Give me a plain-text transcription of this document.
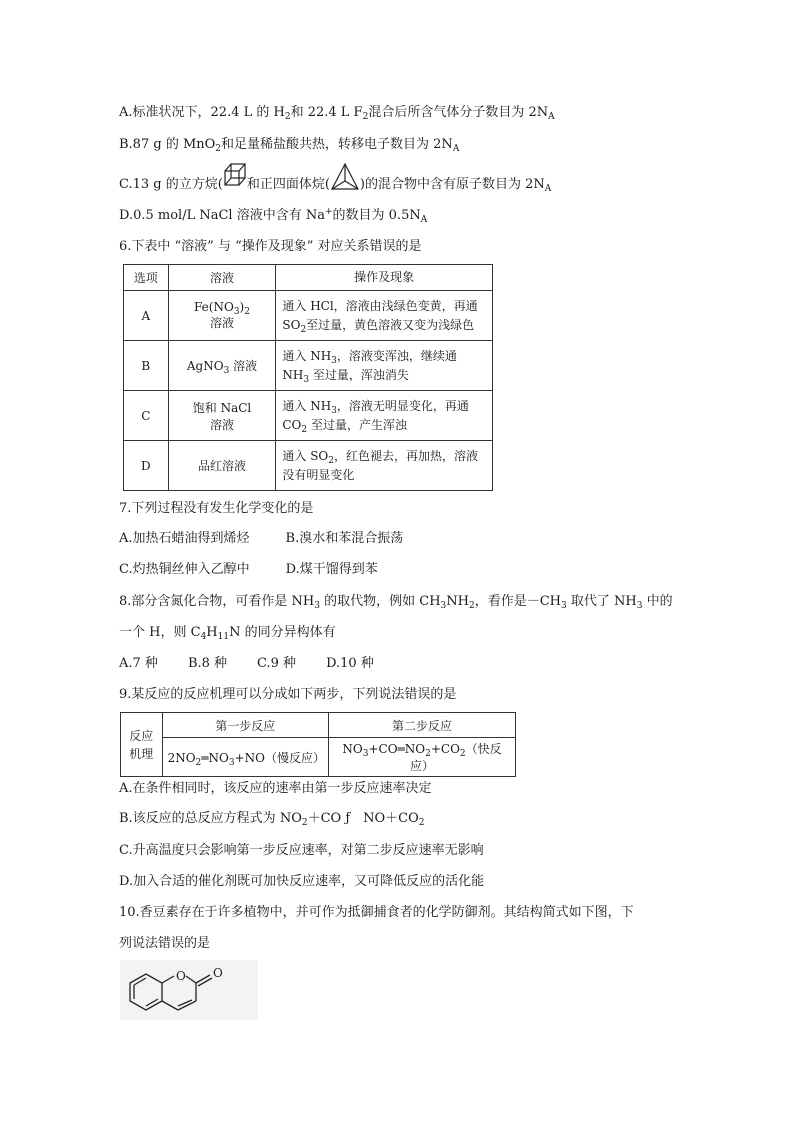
A.标准状况下，22.4 L 的 $H_2$和 22.4 L $F_2$混合后所含气体分子数目为 $2N_A$
B.87 g 的 MnO$_2$和足量稀盐酸共热，转移电子数目为 $2N_A$
C.13 g 的立方烷( 和正四面体烷( )的混合物中含有原子数目为 $2N_A$
D.0.5 mol/L NaCl 溶液中含有 Na+的数目为 $0.5N_A$
6.下表中 “溶液” 与 “操作及现象” 对应关系错误的是
选项	溶液	操作及现象
A	$Fe(NO_3)_2$
溶液	通入 HCl，溶液由浅绿色变黄，再通 $SO_2$至过量，黄色溶液又变为浅绿色
B	AgNO$_3$ 溶液	通入 $NH_3$，溶液变浑浊，继续通 $NH_3$ 至过量，浑浊消失
C	饱和 NaCl
溶液	通入 $NH_3$，溶液无明显变化，再通 $CO_2$ 至过量，产生浑浊
D	品红溶液	通入 $SO_2$，红色褪去，再加热，溶液没有明显变化
7.下列过程没有发生化学变化的是
A.加热石蜡油得到烯烃	B.溴水和苯混合振荡
C.灼热铜丝伸入乙醇中	D.煤干馏得到苯
8.部分含氮化合物，可看作是 $NH_3$ 的取代物，例如 $CH_3NH_2$，看作是$-CH_3$ 取代了 $NH_3$ 中的
一个 H，则 $C_4H_{11}N$ 的同分异构体有
A.7 种 B.8 种 C.9 种 D.10 种
9.某反应的反应机理可以分成如下两步，下列说法错误的是
反应
机理	第一步反应	第二步反应
	$2NO_2═NO_3+NO$（慢反应）	$NO_3+CO═NO_2+CO_2$（快反应）
A.在条件相同时，该反应的速率由第一步反应速率决定
B.该反应的总反应方程式为 $NO_2+CO$ ƒ　$NO+CO_2$
C.升高温度只会影响第一步反应速率，对第二步反应速率无影响
D.加入合适的催化剂既可加快反应速率，又可降低反应的活化能
10.香豆素存在于许多植物中，并可作为抵御捕食者的化学防御剂。其结构简式如下图，下
列说法错误的是
O O
